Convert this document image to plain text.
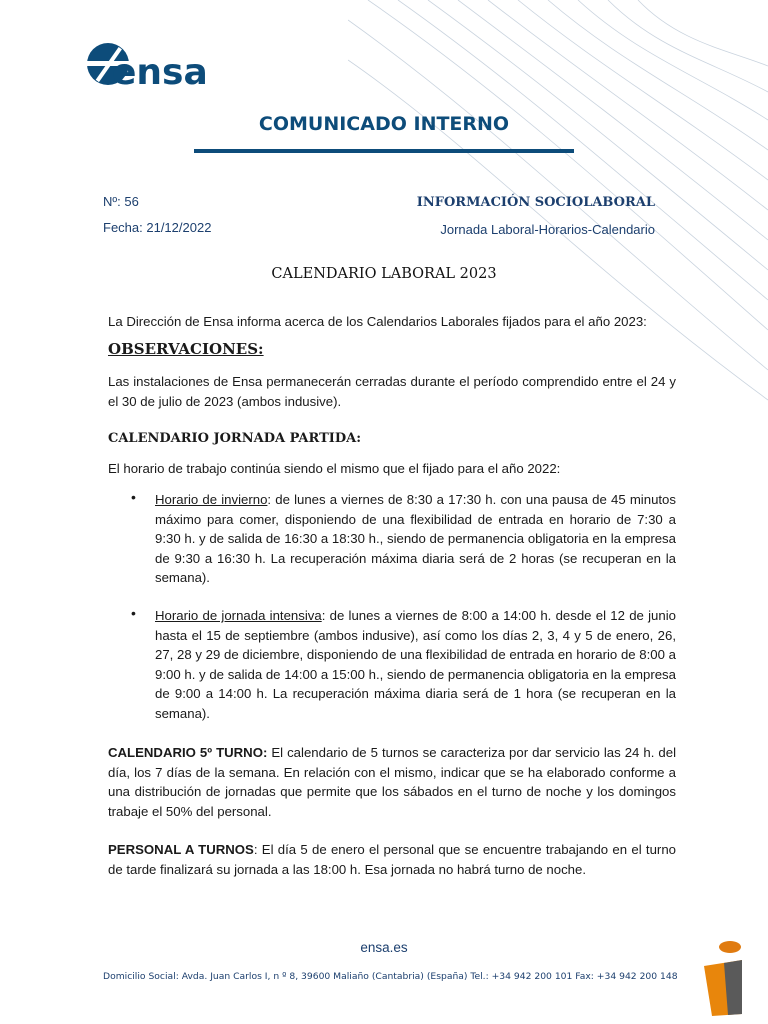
ensa
COMUNICADO INTERNO
Nº: 56
Fecha: 21/12/2022
INFORMACIÓN SOCIOLABORAL
Jornada Laboral-Horarios-Calendario
CALENDARIO LABORAL 2023
La Dirección de Ensa informa acerca de los Calendarios Laborales fijados para el año 2023:
OBSERVACIONES:
Las instalaciones de Ensa permanecerán cerradas durante el período comprendido entre el 24 y el 30 de julio de 2023 (ambos indusive).
CALENDARIO JORNADA PARTIDA:
El horario de trabajo continúa siendo el mismo que el fijado para el año 2022:
• Horario de invierno: de lunes a viernes de 8:30 a 17:30 h. con una pausa de 45 minutos máximo para comer, disponiendo de una flexibilidad de entrada en horario de 7:30 a 9:30 h. y de salida de 16:30 a 18:30 h., siendo de permanencia obligatoria en la empresa de 9:30 a 16:30 h. La recuperación máxima diaria será de 2 horas (se recuperan en la semana).
• Horario de jornada intensiva: de lunes a viernes de 8:00 a 14:00 h. desde el 12 de junio hasta el 15 de septiembre (ambos indusive), así como los días 2, 3, 4 y 5 de enero, 26, 27, 28 y 29 de diciembre, disponiendo de una flexibilidad de entrada en horario de 8:00 a 9:00 h. y de salida de 14:00 a 15:00 h., siendo de permanencia obligatoria en la empresa de 9:00 a 14:00 h. La recuperación máxima diaria será de 1 hora (se recuperan en la semana).
CALENDARIO 5º TURNO: El calendario de 5 turnos se caracteriza por dar servicio las 24 h. del día, los 7 días de la semana. En relación con el mismo, indicar que se ha elaborado conforme a una distribución de jornadas que permite que los sábados en el turno de noche y los domingos trabaje el 50% del personal.
PERSONAL A TURNOS: El día 5 de enero el personal que se encuentre trabajando en el turno de tarde finalizará su jornada a las 18:00 h. Esa jornada no habrá turno de noche.
ensa.es
Domicilio Social: Avda. Juan Carlos I, n º 8, 39600 Maliaño (Cantabria) (España) Tel.: +34 942 200 101 Fax: +34 942 200 148
